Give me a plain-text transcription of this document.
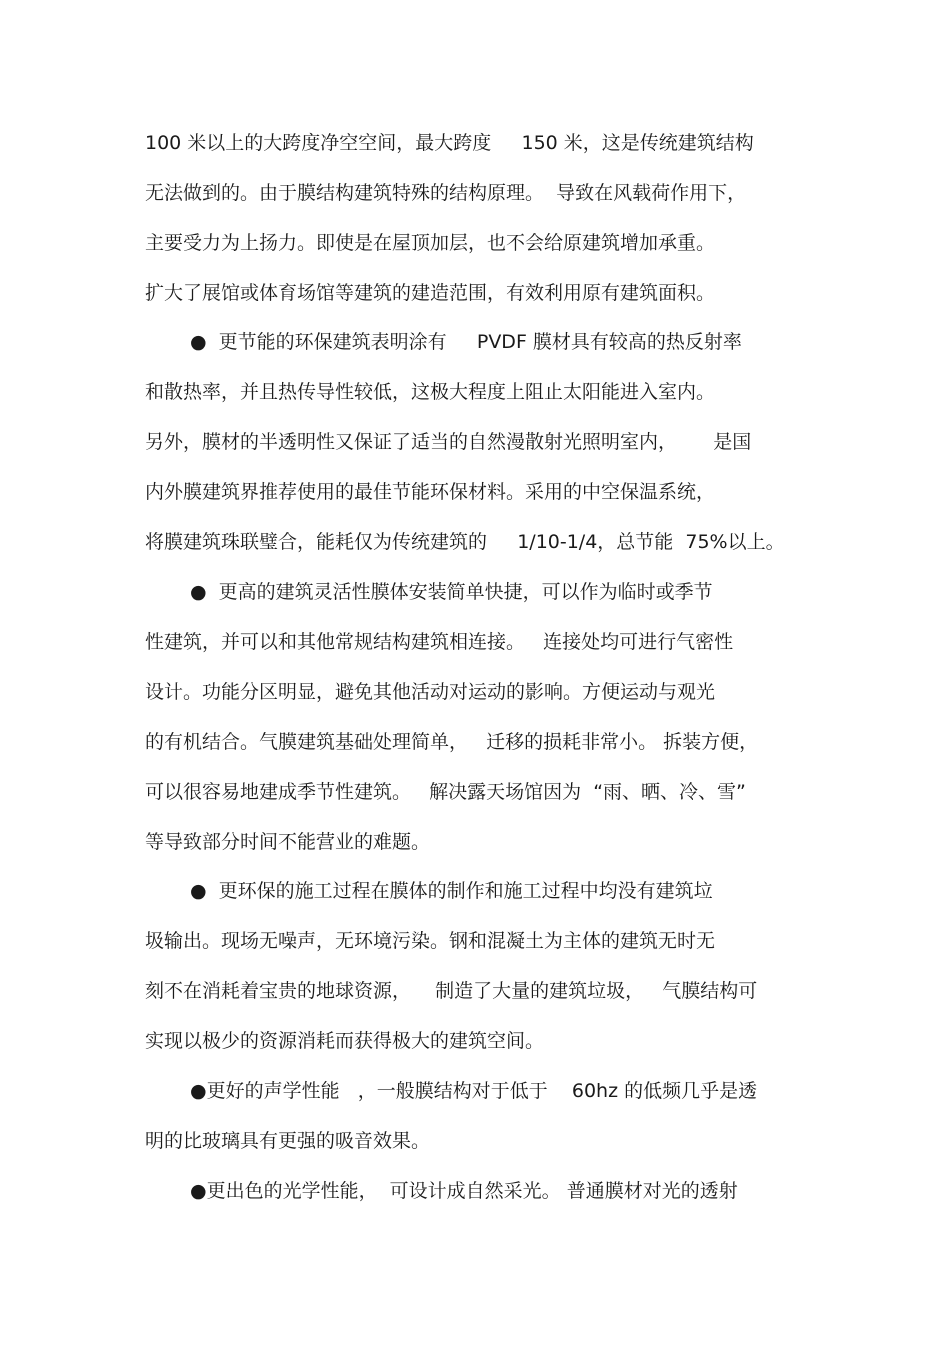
100 米以上的大跨度净空空间，最大跨度     150 米，这是传统建筑结构
无法做到的。由于膜结构建筑特殊的结构原理。  导致在风载荷作用下，
主要受力为上扬力。即使是在屋顶加层，也不会给原建筑增加承重。
扩大了展馆或体育场馆等建筑的建造范围，有效利用原有建筑面积。
●  更节能的环保建筑表明涂有     PVDF 膜材具有较高的热反射率
和散热率，并且热传导性较低，这极大程度上阻止太阳能进入室内。
另外，膜材的半透明性又保证了适当的自然漫散射光照明室内，      是国
内外膜建筑界推荐使用的最佳节能环保材料。采用的中空保温系统，
将膜建筑珠联璧合，能耗仅为传统建筑的     1/10-1/4，总节能  75%以上。
●  更高的建筑灵活性膜体安装简单快捷，可以作为临时或季节
性建筑，并可以和其他常规结构建筑相连接。   连接处均可进行气密性
设计。功能分区明显，避免其他活动对运动的影响。方便运动与观光
的有机结合。气膜建筑基础处理简单，   迁移的损耗非常小。 拆装方便，
可以很容易地建成季节性建筑。   解决露天场馆因为  “雨、晒、冷、雪”
等导致部分时间不能营业的难题。
●  更环保的施工过程在膜体的制作和施工过程中均没有建筑垃
圾输出。现场无噪声，无环境污染。钢和混凝土为主体的建筑无时无
刻不在消耗着宝贵的地球资源，    制造了大量的建筑垃圾，   气膜结构可
实现以极少的资源消耗而获得极大的建筑空间。
●更好的声学性能   ，一般膜结构对于低于    60hz 的低频几乎是透
明的比玻璃具有更强的吸音效果。
●更出色的光学性能，  可设计成自然采光。 普通膜材对光的透射
